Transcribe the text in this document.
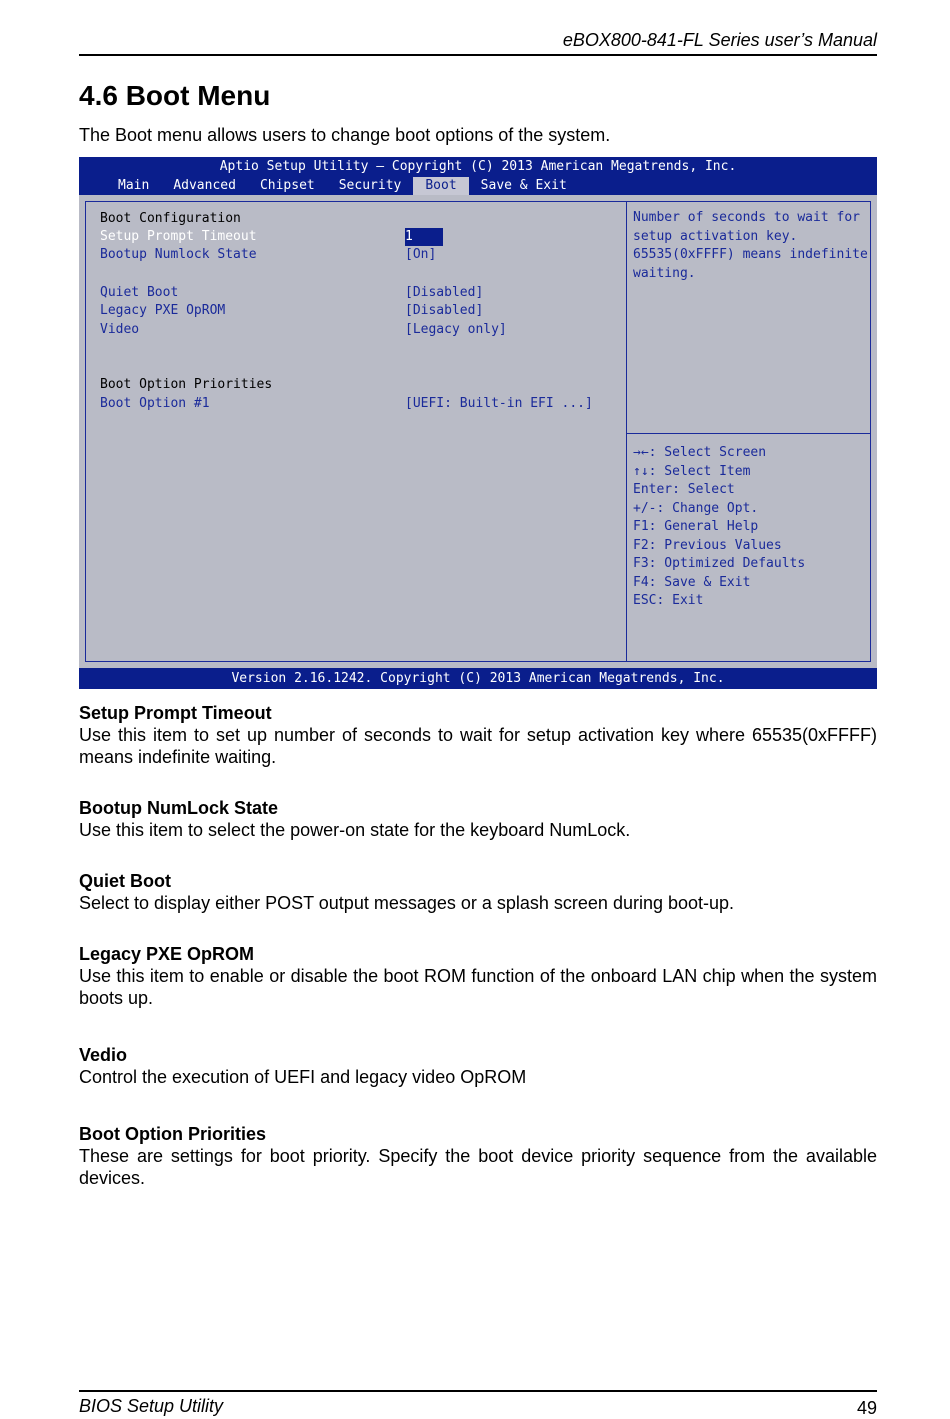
eBOX800-841-FL Series user’s Manual
4.6 Boot Menu
The Boot menu allows users to change boot options of the system.
Aptio Setup Utility – Copyright (C) 2013 American Megatrends, Inc.
Main	Advanced	Chipset	Security	Boot	Save & Exit
Boot Configuration
Setup Prompt Timeout	1
Bootup Numlock State	[On]
Quiet Boot	[Disabled]
Legacy PXE OpROM	[Disabled]
Video	[Legacy only]
Boot Option Priorities
Boot Option #1	[UEFI: Built-in EFI ...]
Number of seconds to wait for
setup activation key.
65535(0xFFFF) means indefinite
waiting.
→←: Select Screen
↑↓: Select Item
Enter: Select
+/-: Change Opt.
F1: General Help
F2: Previous Values
F3: Optimized Defaults
F4: Save & Exit
ESC: Exit
Version 2.16.1242. Copyright (C) 2013 American Megatrends, Inc.
Setup Prompt Timeout
Use this item to set up number of seconds to wait for setup activation key where 65535(0xFFFF) means indefinite waiting.
Bootup NumLock State
Use this item to select the power-on state for the keyboard NumLock.
Quiet Boot
Select to display either POST output messages or a splash screen during boot-up.
Legacy PXE OpROM
Use this item to enable or disable the boot ROM function of the onboard LAN chip when the system boots up.
Vedio
Control the execution of UEFI and legacy video OpROM
Boot Option Priorities
These are settings for boot priority. Specify the boot device priority sequence from the available devices.
BIOS Setup Utility	49
